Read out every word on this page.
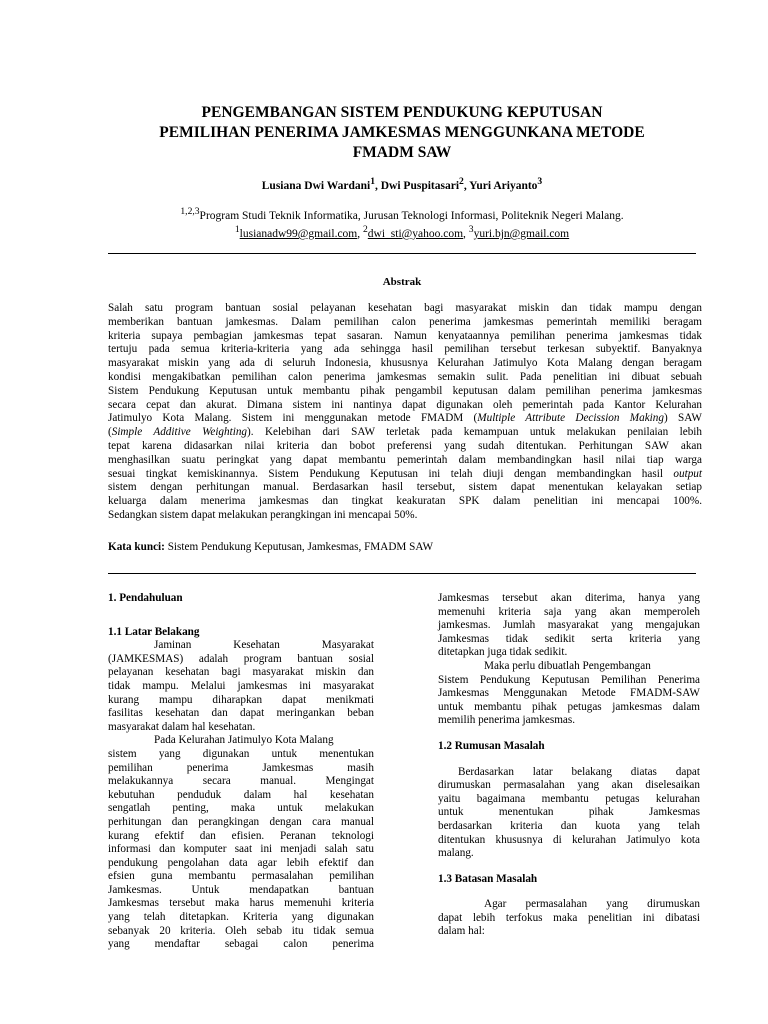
PENGEMBANGAN SISTEM PENDUKUNG KEPUTUSAN
PEMILIHAN PENERIMA JAMKESMAS MENGGUNKANA METODE
FMADM SAW
Lusiana Dwi Wardani$^1$, Dwi Puspitasari$^2$, Yuri Ariyanto$^3$
$^{1,2,3}$Program Studi Teknik Informatika, Jurusan Teknologi Informasi, Politeknik Negeri Malang.
$^1$lusianadw99@gmail.com, $^2$dwi_sti@yahoo.com, $^3$yuri.bjn@gmail.com
Abstrak
Salah satu program bantuan sosial pelayanan kesehatan bagi masyarakat miskin dan tidak mampu dengan
memberikan bantuan jamkesmas. Dalam pemilihan calon penerima jamkesmas pemerintah memiliki beragam
kriteria supaya pembagian jamkesmas tepat sasaran. Namun kenyataannya pemilihan penerima jamkesmas tidak
tertuju pada semua kriteria-kriteria yang ada sehingga hasil pemilihan tersebut terkesan subyektif. Banyaknya
masyarakat miskin yang ada di seluruh Indonesia, khususnya Kelurahan Jatimulyo Kota Malang dengan beragam
kondisi mengakibatkan pemilihan calon penerima jamkesmas semakin sulit. Pada penelitian ini dibuat sebuah
Sistem Pendukung Keputusan untuk membantu pihak pengambil keputusan dalam pemilihan penerima jamkesmas
secara cepat dan akurat. Dimana sistem ini nantinya dapat digunakan oleh pemerintah pada Kantor Kelurahan
Jatimulyo Kota Malang. Sistem ini menggunakan metode FMADM (Multiple Attribute Decission Making) SAW
(Simple Additive Weighting). Kelebihan dari SAW terletak pada kemampuan untuk melakukan penilaian lebih
tepat karena didasarkan nilai kriteria dan bobot preferensi yang sudah ditentukan. Perhitungan SAW akan
menghasilkan suatu peringkat yang dapat membantu pemerintah dalam membandingkan hasil nilai tiap warga
sesuai tingkat kemiskinannya. Sistem Pendukung Keputusan ini telah diuji dengan membandingkan hasil output
sistem dengan perhitungan manual. Berdasarkan hasil tersebut, sistem dapat menentukan kelayakan setiap
keluarga dalam menerima jamkesmas dan tingkat keakuratan SPK dalam penelitian ini mencapai 100%.
Sedangkan sistem dapat melakukan perangkingan ini mencapai 50%.
Kata kunci: Sistem Pendukung Keputusan, Jamkesmas, FMADM SAW
1. Pendahuluan
1.1 Latar Belakang
Jaminan Kesehatan Masyarakat
(JAMKESMAS) adalah program bantuan sosial
pelayanan kesehatan bagi masyarakat miskin dan
tidak mampu. Melalui jamkesmas ini masyarakat
kurang mampu diharapkan dapat menikmati
fasilitas kesehatan dan dapat meringankan beban
masyarakat dalam hal kesehatan.
Pada Kelurahan Jatimulyo Kota Malang
sistem yang digunakan untuk menentukan
pemilihan penerima Jamkesmas masih
melakukannya secara manual. Mengingat
kebutuhan penduduk dalam hal kesehatan
sengatlah penting, maka untuk melakukan
perhitungan dan perangkingan dengan cara manual
kurang efektif dan efisien. Peranan teknologi
informasi dan komputer saat ini menjadi salah satu
pendukung pengolahan data agar lebih efektif dan
efsien guna membantu permasalahan pemilihan
Jamkesmas. Untuk mendapatkan bantuan
Jamkesmas tersebut maka harus memenuhi kriteria
yang telah ditetapkan. Kriteria yang digunakan
sebanyak 20 kriteria. Oleh sebab itu tidak semua
yang mendaftar sebagai calon penerima
Jamkesmas tersebut akan diterima, hanya yang
memenuhi kriteria saja yang akan memperoleh
jamkesmas. Jumlah masyarakat yang mengajukan
Jamkesmas tidak sedikit serta kriteria yang
ditetapkan juga tidak sedikit.
Maka perlu dibuatlah Pengembangan
Sistem Pendukung Keputusan Pemilihan Penerima
Jamkesmas Menggunakan Metode FMADM-SAW
untuk membantu pihak petugas jamkesmas dalam
memilih penerima jamkesmas.
1.2 Rumusan Masalah
Berdasarkan latar belakang diatas dapat
dirumuskan permasalahan yang akan diselesaikan
yaitu bagaimana membantu petugas kelurahan
untuk menentukan pihak Jamkesmas
berdasarkan kriteria dan kuota yang telah
ditentukan khususnya di kelurahan Jatimulyo kota
malang.
1.3 Batasan Masalah
Agar permasalahan yang dirumuskan
dapat lebih terfokus maka penelitian ini dibatasi
dalam hal:
